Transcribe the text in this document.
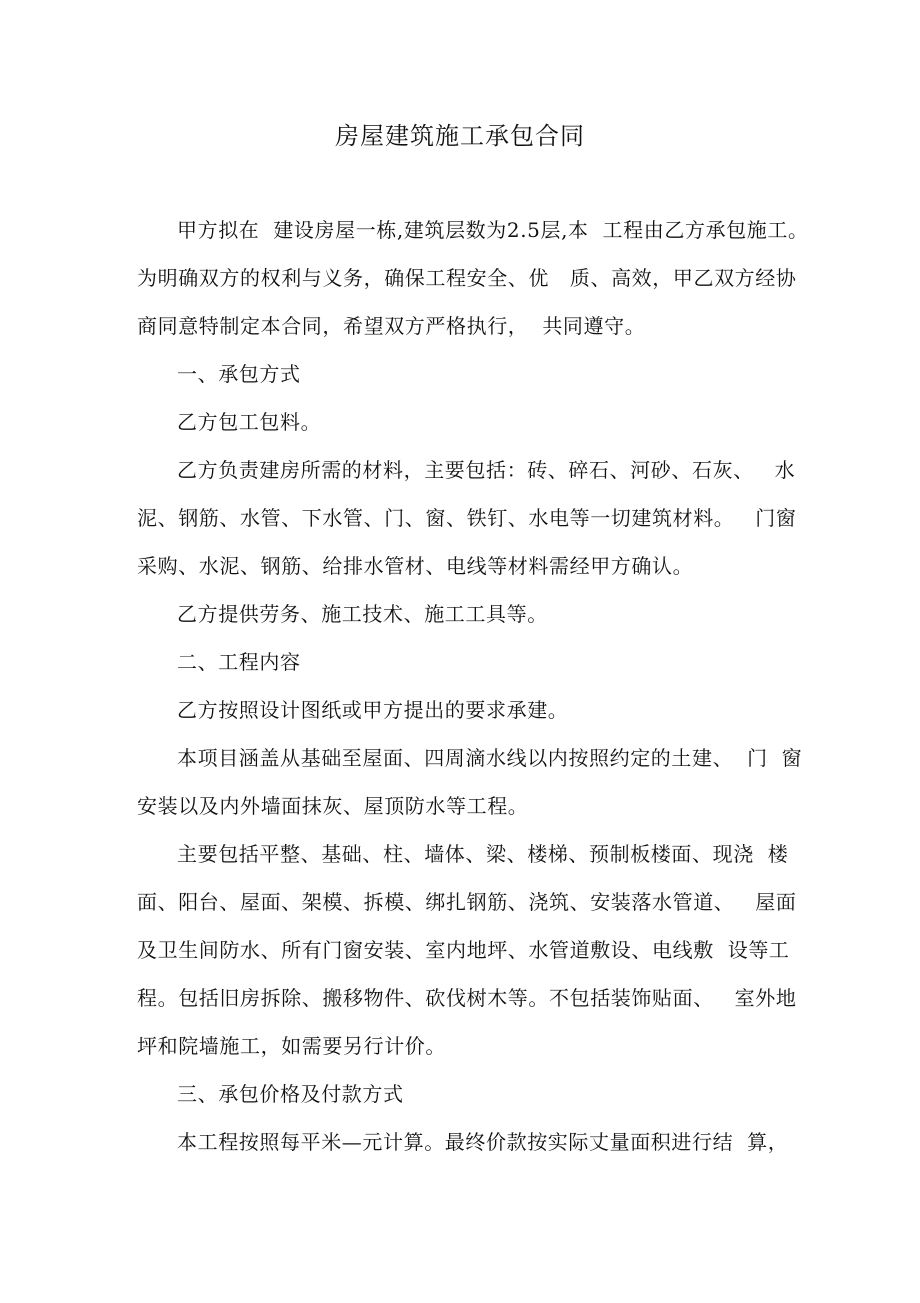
房屋建筑施工承包合同
甲方拟在  建设房屋一栋,建筑层数为2.5层,本  工程由乙方承包施工。
为明确双方的权利与义务，确保工程安全、优   质、高效，甲乙双方经协
商同意特制定本合同，希望双方严格执行，  共同遵守。
一、承包方式
乙方包工包料。
乙方负责建房所需的材料，主要包括：砖、碎石、河砂、石灰、   水
泥、钢筋、水管、下水管、门、窗、铁钉、水电等一切建筑材料。   门窗
采购、水泥、钢筋、给排水管材、电线等材料需经甲方确认。
乙方提供劳务、施工技术、施工工具等。
二、工程内容
乙方按照设计图纸或甲方提出的要求承建。
本项目涵盖从基础至屋面、四周滴水线以内按照约定的土建、  门  窗
安装以及内外墙面抹灰、屋顶防水等工程。
主要包括平整、基础、柱、墙体、梁、楼梯、预制板楼面、现浇  楼
面、阳台、屋面、架模、拆模、绑扎钢筋、浇筑、安装落水管道、   屋面
及卫生间防水、所有门窗安装、室内地坪、水管道敷设、电线敷  设等工
程。包括旧房拆除、搬移物件、砍伐树木等。不包括装饰贴面、   室外地
坪和院墙施工，如需要另行计价。
三、承包价格及付款方式
本工程按照每平米—元计算。最终价款按实际丈量面积进行结  算，
